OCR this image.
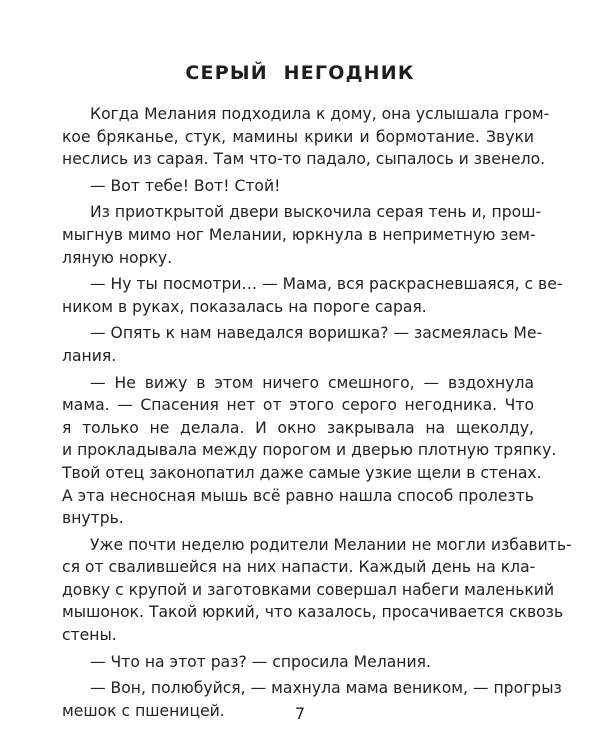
СЕРЫЙ НЕГОДНИК
Когда Мелания подходила к дому, она услышала гром-
кое бряканье, стук, мамины крики и бормотание. Звуки
неслись из сарая. Там что-то падало, сыпалось и звенело.
— Вот тебе! Вот! Стой!
Из приоткрытой двери выскочила серая тень и, прош-
мыгнув мимо ног Мелании, юркнула в неприметную зем-
ляную норку.
— Ну ты посмотри… — Мама, вся раскрасневшаяся, с ве-
ником в руках, показалась на пороге сарая.
— Опять к нам наведался воришка? — засмеялась Ме-
лания.
— Не вижу в этом ничего смешного, — вздохнула
мама. — Спасения нет от этого серого негодника. Что
я только не делала. И окно закрывала на щеколду,
и прокладывала между порогом и дверью плотную тряпку.
Твой отец законопатил даже самые узкие щели в стенах.
А эта несносная мышь всё равно нашла способ пролезть
внутрь.
Уже почти неделю родители Мелании не могли избавить-
ся от свалившейся на них напасти. Каждый день на кла-
довку с крупой и заготовками совершал набеги маленький
мышонок. Такой юркий, что казалось, просачивается сквозь
стены.
— Что на этот раз? — спросила Мелания.
— Вон, полюбуйся, — махнула мама веником, — прогрыз
мешок с пшеницей.	7
